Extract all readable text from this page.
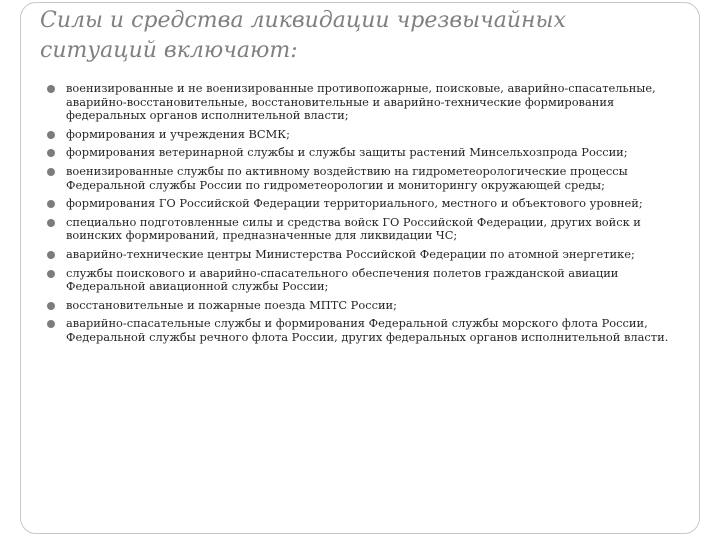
Силы и средства ликвидации чрезвычайных ситуаций включают:
военизированные и не военизированные противопожарные, поисковые, аварийно-спасательные, аварийно-восстановительные, восстановительные и аварийно-технические формирования федеральных органов исполнительной власти;
формирования и учреждения ВСМК;
формирования ветеринарной службы и службы защиты растений Минсельхозпрода России;
военизированные службы по активному воздействию на гидрометеорологические процессы Федеральной службы России по гидрометеорологии и мониторингу окружающей среды;
формирования ГО Российской Федерации территориального, местного и объектового уровней;
специально подготовленные силы и средства войск ГО Российской Федерации, других войск и воинских формирований, предназначенные для ликвидации ЧС;
аварийно-технические центры Министерства Российской Федерации по атомной энергетике;
службы поискового и аварийно-спасательного обеспечения полетов гражданской авиации Федеральной авиационной службы России;
восстановительные и пожарные поезда МПТС России;
аварийно-спасательные службы и формирования Федеральной службы морского флота России, Федеральной службы речного флота России, других федеральных органов исполнительной власти.
